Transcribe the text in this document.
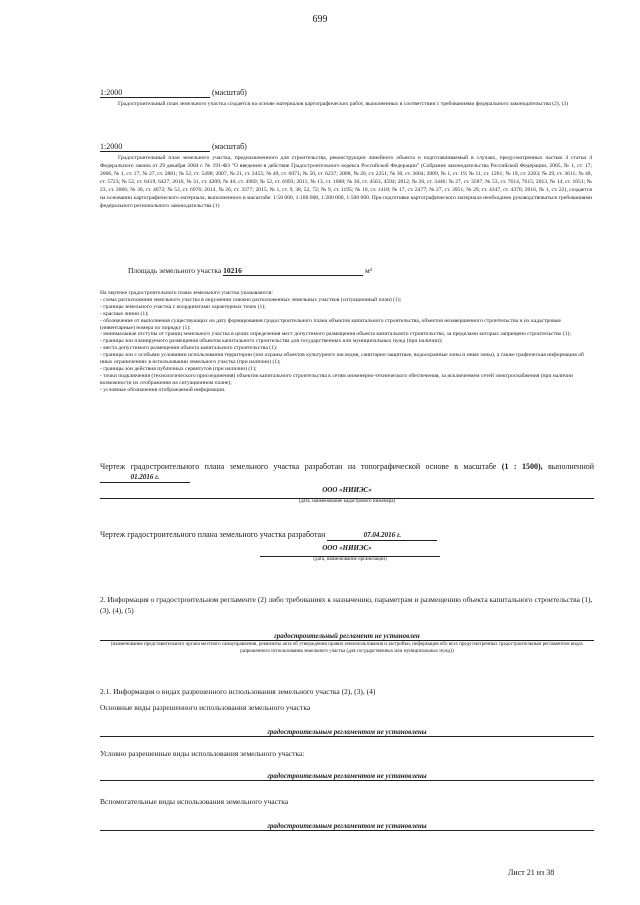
699
1:2000	(масштаб)
Градостроительный план земельного участка создается на основе материалов картографических работ, выполненных в соответствии с требованиями федерального законодательства (2), (3)
1:2000	(масштаб)
Градостроительный план земельного участка, предназначенного для строительства, реконструкции линейного объекта и подготавливаемый в случаях, предусмотренных частью 4 статьи 4 Федерального закона от 29 декабря 2004 г. № 191-ФЗ "О введении в действие Градостроительного кодекса Российской Федерации" (Собрание законодательства Российской Федерации, 2005, № 1, ст. 17; 2006, № 1, ст. 17; № 27, ст. 2881; № 52, ст. 5498; 2007, № 21, ст. 2455; № 49, ст. 6071; № 50, ст. 6237; 2008, № 20, ст. 2251; № 30, ст. 3604; 2009, № 1, ст. 19; № 11, ст. 1261; № 19, ст. 2283; № 29, ст. 3611; № 48, ст. 5723; № 52, ст. 6419, 6427; 2010, № 31, ст. 4209; № 40, ст. 4969; № 52, ст. 6993; 2011, № 13, ст. 1688; № 30, ст. 4563, 4594; 2012, № 26, ст. 3446; № 27, ст. 3587; № 53, ст. 7614, 7615; 2013, № 14, ст. 1651; № 23, ст. 2866; № 30, ст. 4072; № 52, ст. 6976; 2014, № 26, ст. 3377; 2015, № 1, ст. 9, 38, 52, 72; № 9, ст. 1195; № 10, ст. 1418; № 17, ст. 2477; № 27, ст. 3951; № 29, ст. 4347, ст. 4376; 2016, № 1, ст. 22), создается на основании картографического материала, выполненного в масштабе: 1:50 000, 1:100 000, 1:200 000, 1:500 000. При подготовке картографического материала необходимо руководствоваться требованиями федерального регионального законодательства (1)
Площадь земельного участка 10216	м²
На чертеже градостроительного плана земельного участка указываются:
- схема расположения земельного участка в окружении смежно расположенных земельных участков (ситуационный план) (1);
- границы земельного участка с координатами характерных точек (1);
- красные линии (1);
- обозначение от выполнения существующих на дату формирования градостроительного плана объектов капитального строительства, объектов незавершенного строительства и их кадастровые (инвентарные) номера по порядку (1);
- минимальные отступы от границ земельного участка в целях определения мест допустимого размещения объекта капитального строительства, за пределами которых запрещено строительство (1);
- границы зон планируемого размещения объектов капитального строительства для государственных или муниципальных нужд (при наличии);
- места допустимого размещения объекта капитального строительства (1);
- границы зон с особыми условиями использования территории (зон охраны объектов культурного наследия, санитарно-защитные, водоохранные зоны и иные зоны), а также графическая информация об иных ограничениях в использовании земельного участка (при наличии) (1);
- границы зон действия публичных сервитутов (при наличии) (1);
- точки подключения (технологического присоединения) объектов капитального строительства к сетям инженерно-технического обеспечения, за исключением сетей электроснабжения (при наличии возможности их отображения на ситуационном плане);
- условные обозначения отображаемой информации.
Чертеж градостроительного плана земельного участка разработан на топографической основе в масштабе (1 : 1500), выполненной 01.2016 г.
ООО «НИИЭС»
(дата, наименование кадастрового инженера)
Чертеж градостроительного плана земельного участка разработан	07.04.2016 г.
ООО «НИИЭС»
(дата, наименование организации)
2. Информация о градостроительном регламенте (2) либо требованиях к назначению, параметрам и размещению объекта капитального строительства (1), (3), (4), (5)
градостроительный регламент не установлен
(наименование представительного органа местного самоуправления, реквизиты акта об утверждении правил землепользования и застройки, информация обо всех предусмотренных градостроительным регламентом видах разрешенного использования земельного участка (для государственных или муниципальных нужд))
2.1. Информация о видах разрешенного использования земельного участка (2), (3), (4)
Основные виды разрешенного использования земельного участка
градостроительным регламентом не установлены
Условно разрешенные виды использования земельного участка:
градостроительным регламентом не установлены
Вспомогательные виды использования земельного участка
градостроительным регламентом не установлены
Лист 21 из 38
